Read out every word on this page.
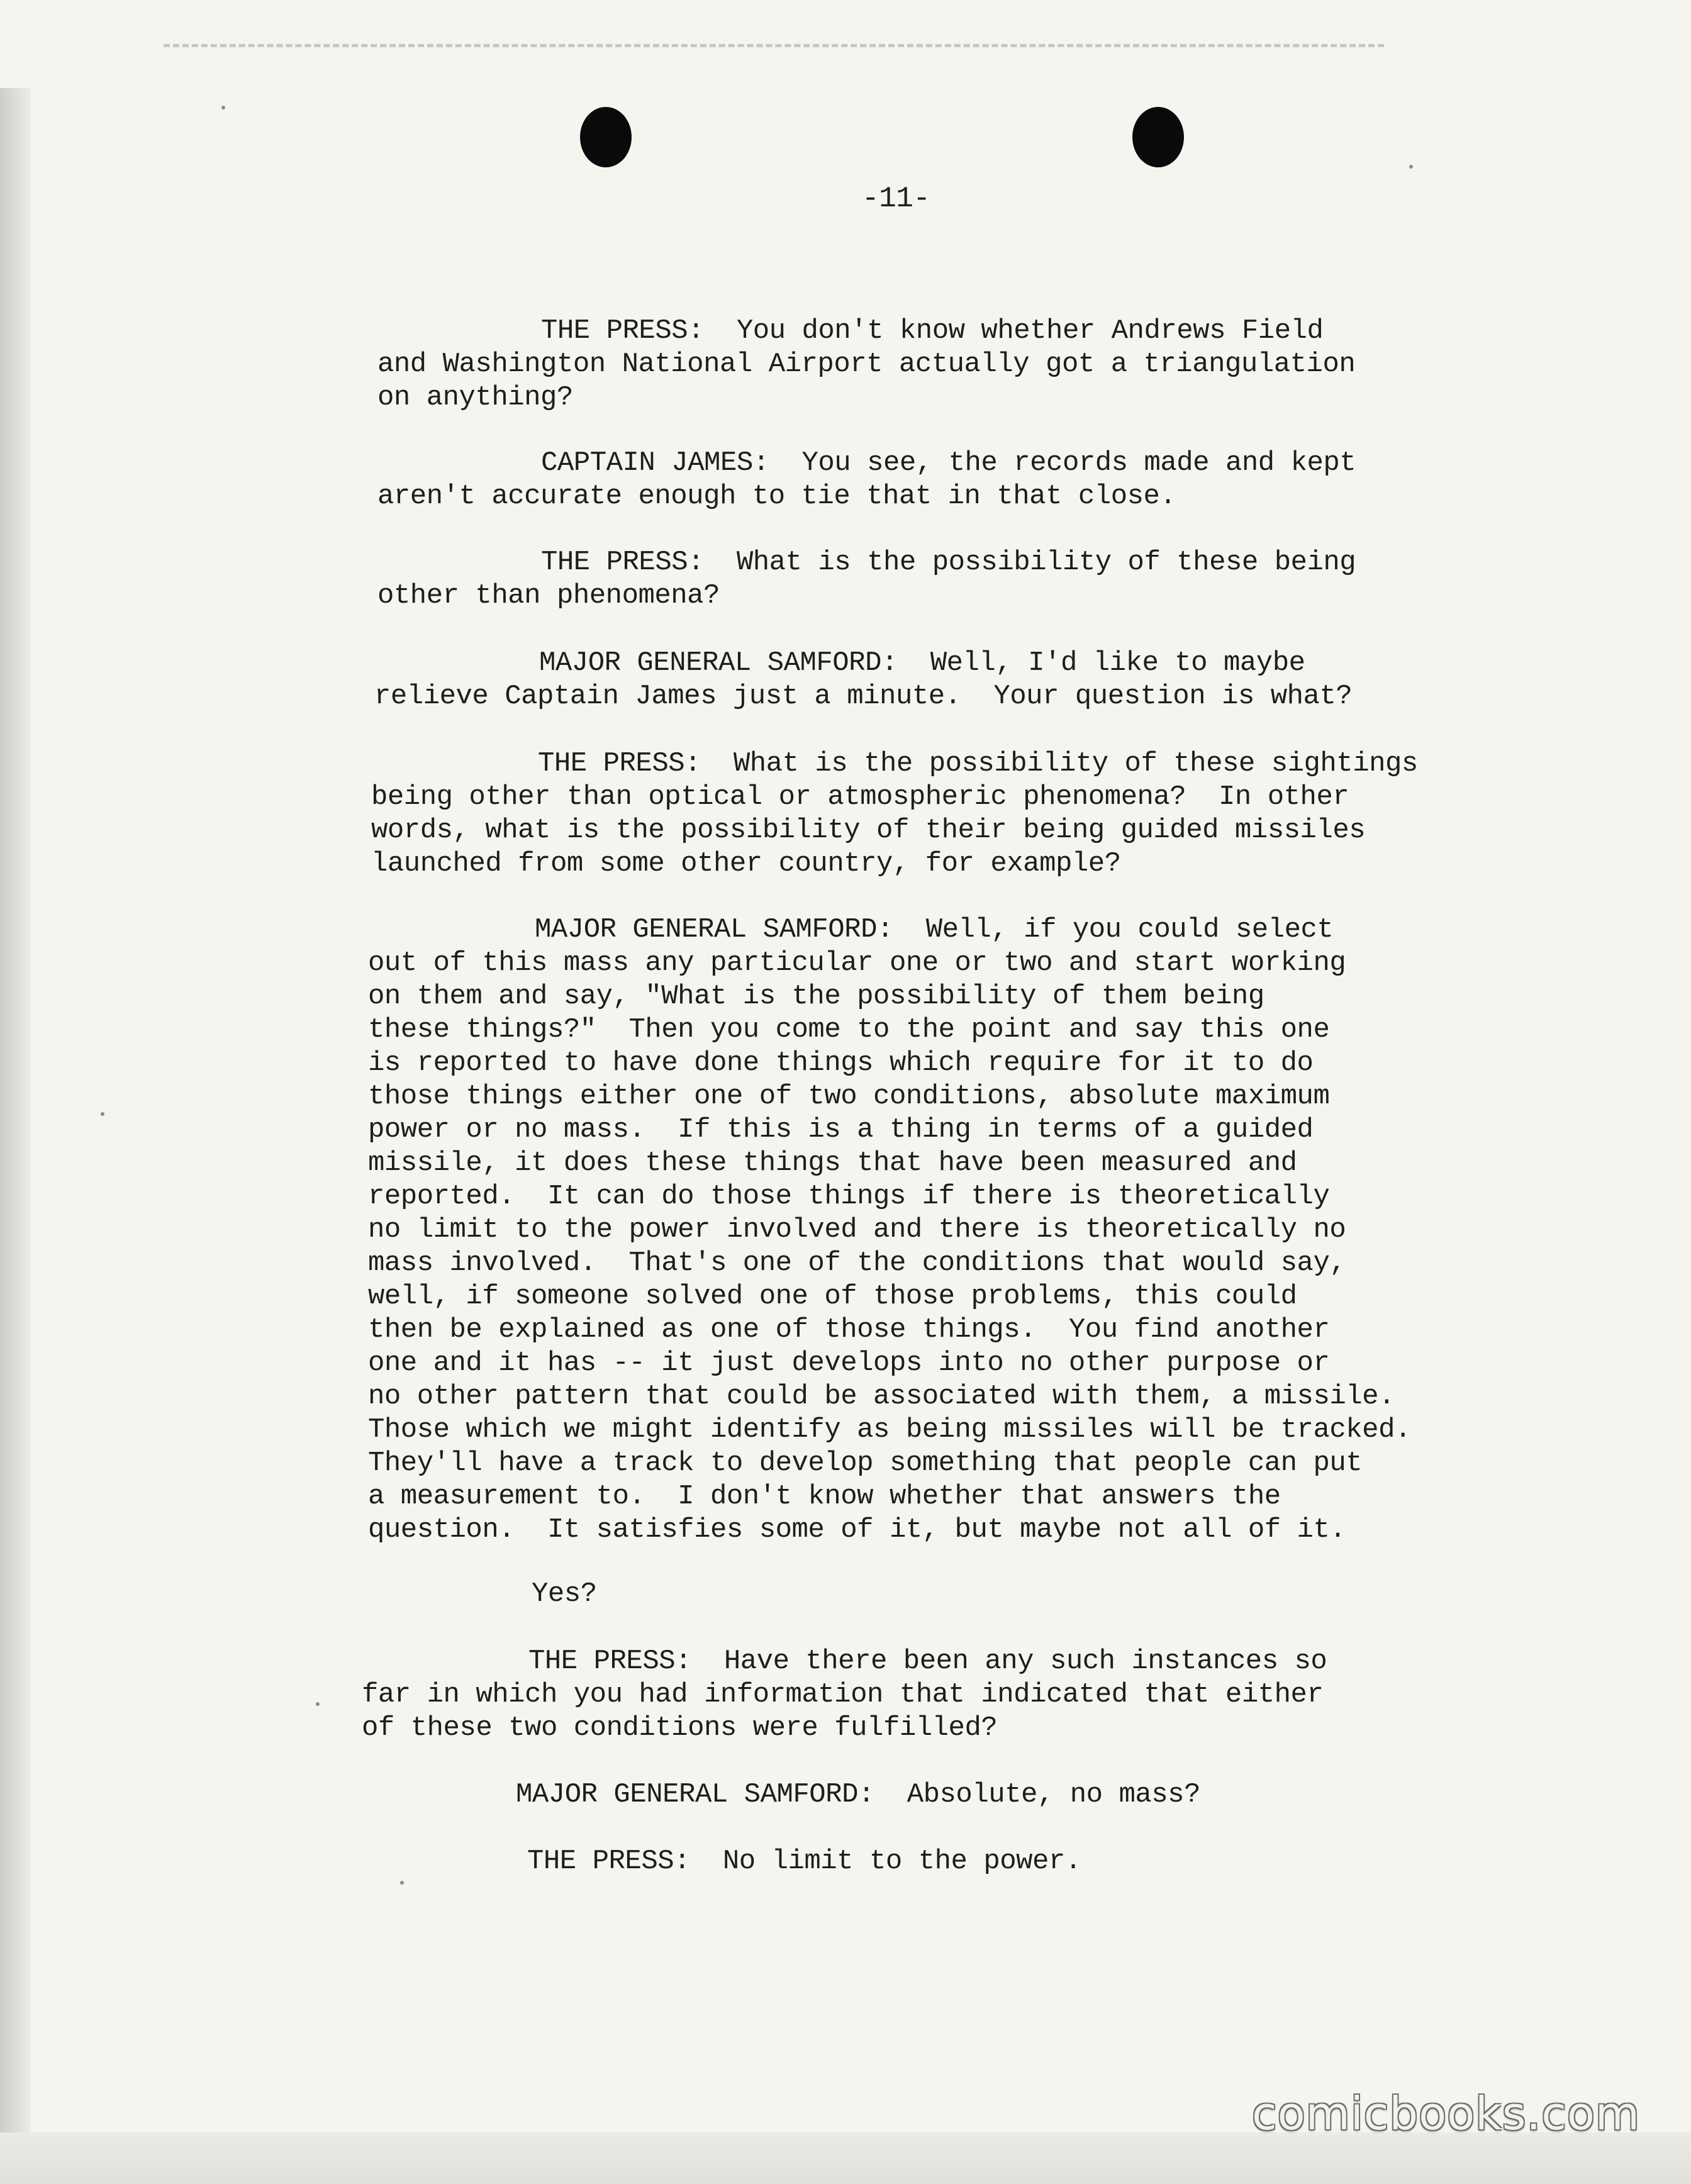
-11-
THE PRESS:  You don't know whether Andrews Field
and Washington National Airport actually got a triangulation
on anything?
CAPTAIN JAMES:  You see, the records made and kept
aren't accurate enough to tie that in that close.
THE PRESS:  What is the possibility of these being
other than phenomena?
MAJOR GENERAL SAMFORD:  Well, I'd like to maybe
relieve Captain James just a minute.  Your question is what?
THE PRESS:  What is the possibility of these sightings
being other than optical or atmospheric phenomena?  In other
words, what is the possibility of their being guided missiles
launched from some other country, for example?
MAJOR GENERAL SAMFORD:  Well, if you could select
out of this mass any particular one or two and start working
on them and say, "What is the possibility of them being
these things?"  Then you come to the point and say this one
is reported to have done things which require for it to do
those things either one of two conditions, absolute maximum
power or no mass.  If this is a thing in terms of a guided
missile, it does these things that have been measured and
reported.  It can do those things if there is theoretically
no limit to the power involved and there is theoretically no
mass involved.  That's one of the conditions that would say,
well, if someone solved one of those problems, this could
then be explained as one of those things.  You find another
one and it has -- it just develops into no other purpose or
no other pattern that could be associated with them, a missile.
Those which we might identify as being missiles will be tracked.
They'll have a track to develop something that people can put
a measurement to.  I don't know whether that answers the
question.  It satisfies some of it, but maybe not all of it.
Yes?
THE PRESS:  Have there been any such instances so
far in which you had information that indicated that either
of these two conditions were fulfilled?
MAJOR GENERAL SAMFORD:  Absolute, no mass?
THE PRESS:  No limit to the power.
comicbooks.com
